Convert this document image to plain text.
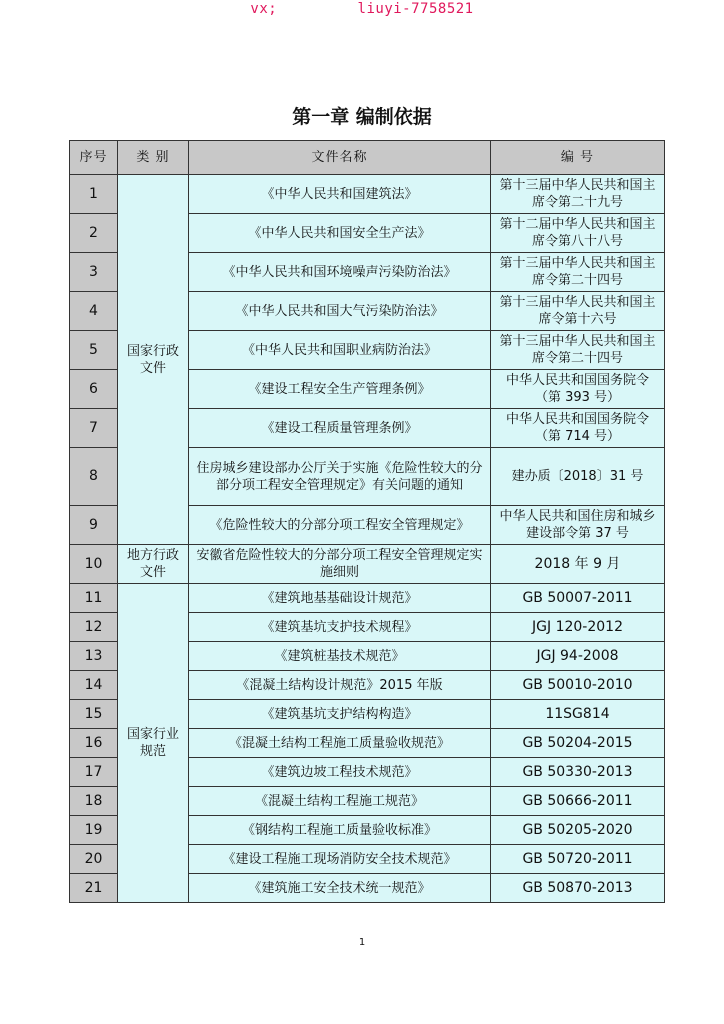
vx;         liuyi-7758521
第一章 编制依据
序号	类 别	文件名称	编 号
1	国家行政文件	《中华人民共和国建筑法》	第十三届中华人民共和国主席令第二十九号
2		《中华人民共和国安全生产法》	第十二届中华人民共和国主席令第八十八号
3		《中华人民共和国环境噪声污染防治法》	第十三届中华人民共和国主席令第二十四号
4		《中华人民共和国大气污染防治法》	第十三届中华人民共和国主席令第十六号
5		《中华人民共和国职业病防治法》	第十三届中华人民共和国主席令第二十四号
6		《建设工程安全生产管理条例》	中华人民共和国国务院令（第 393 号）
7		《建设工程质量管理条例》	中华人民共和国国务院令（第 714 号）
8		住房城乡建设部办公厅关于实施《危险性较大的分部分项工程安全管理规定》有关问题的通知	建办质〔2018〕31 号
9		《危险性较大的分部分项工程安全管理规定》	中华人民共和国住房和城乡建设部令第 37 号
10	地方行政文件	安徽省危险性较大的分部分项工程安全管理规定实施细则	2018 年 9 月
11	国家行业规范	《建筑地基基础设计规范》	GB 50007-2011
12		《建筑基坑支护技术规程》	JGJ 120-2012
13		《建筑桩基技术规范》	JGJ 94-2008
14		《混凝土结构设计规范》2015 年版	GB 50010-2010
15		《建筑基坑支护结构构造》	11SG814
16		《混凝土结构工程施工质量验收规范》	GB 50204-2015
17		《建筑边坡工程技术规范》	GB 50330-2013
18		《混凝土结构工程施工规范》	GB 50666-2011
19		《钢结构工程施工质量验收标准》	GB 50205-2020
20		《建设工程施工现场消防安全技术规范》	GB 50720-2011
21		《建筑施工安全技术统一规范》	GB 50870-2013
1
